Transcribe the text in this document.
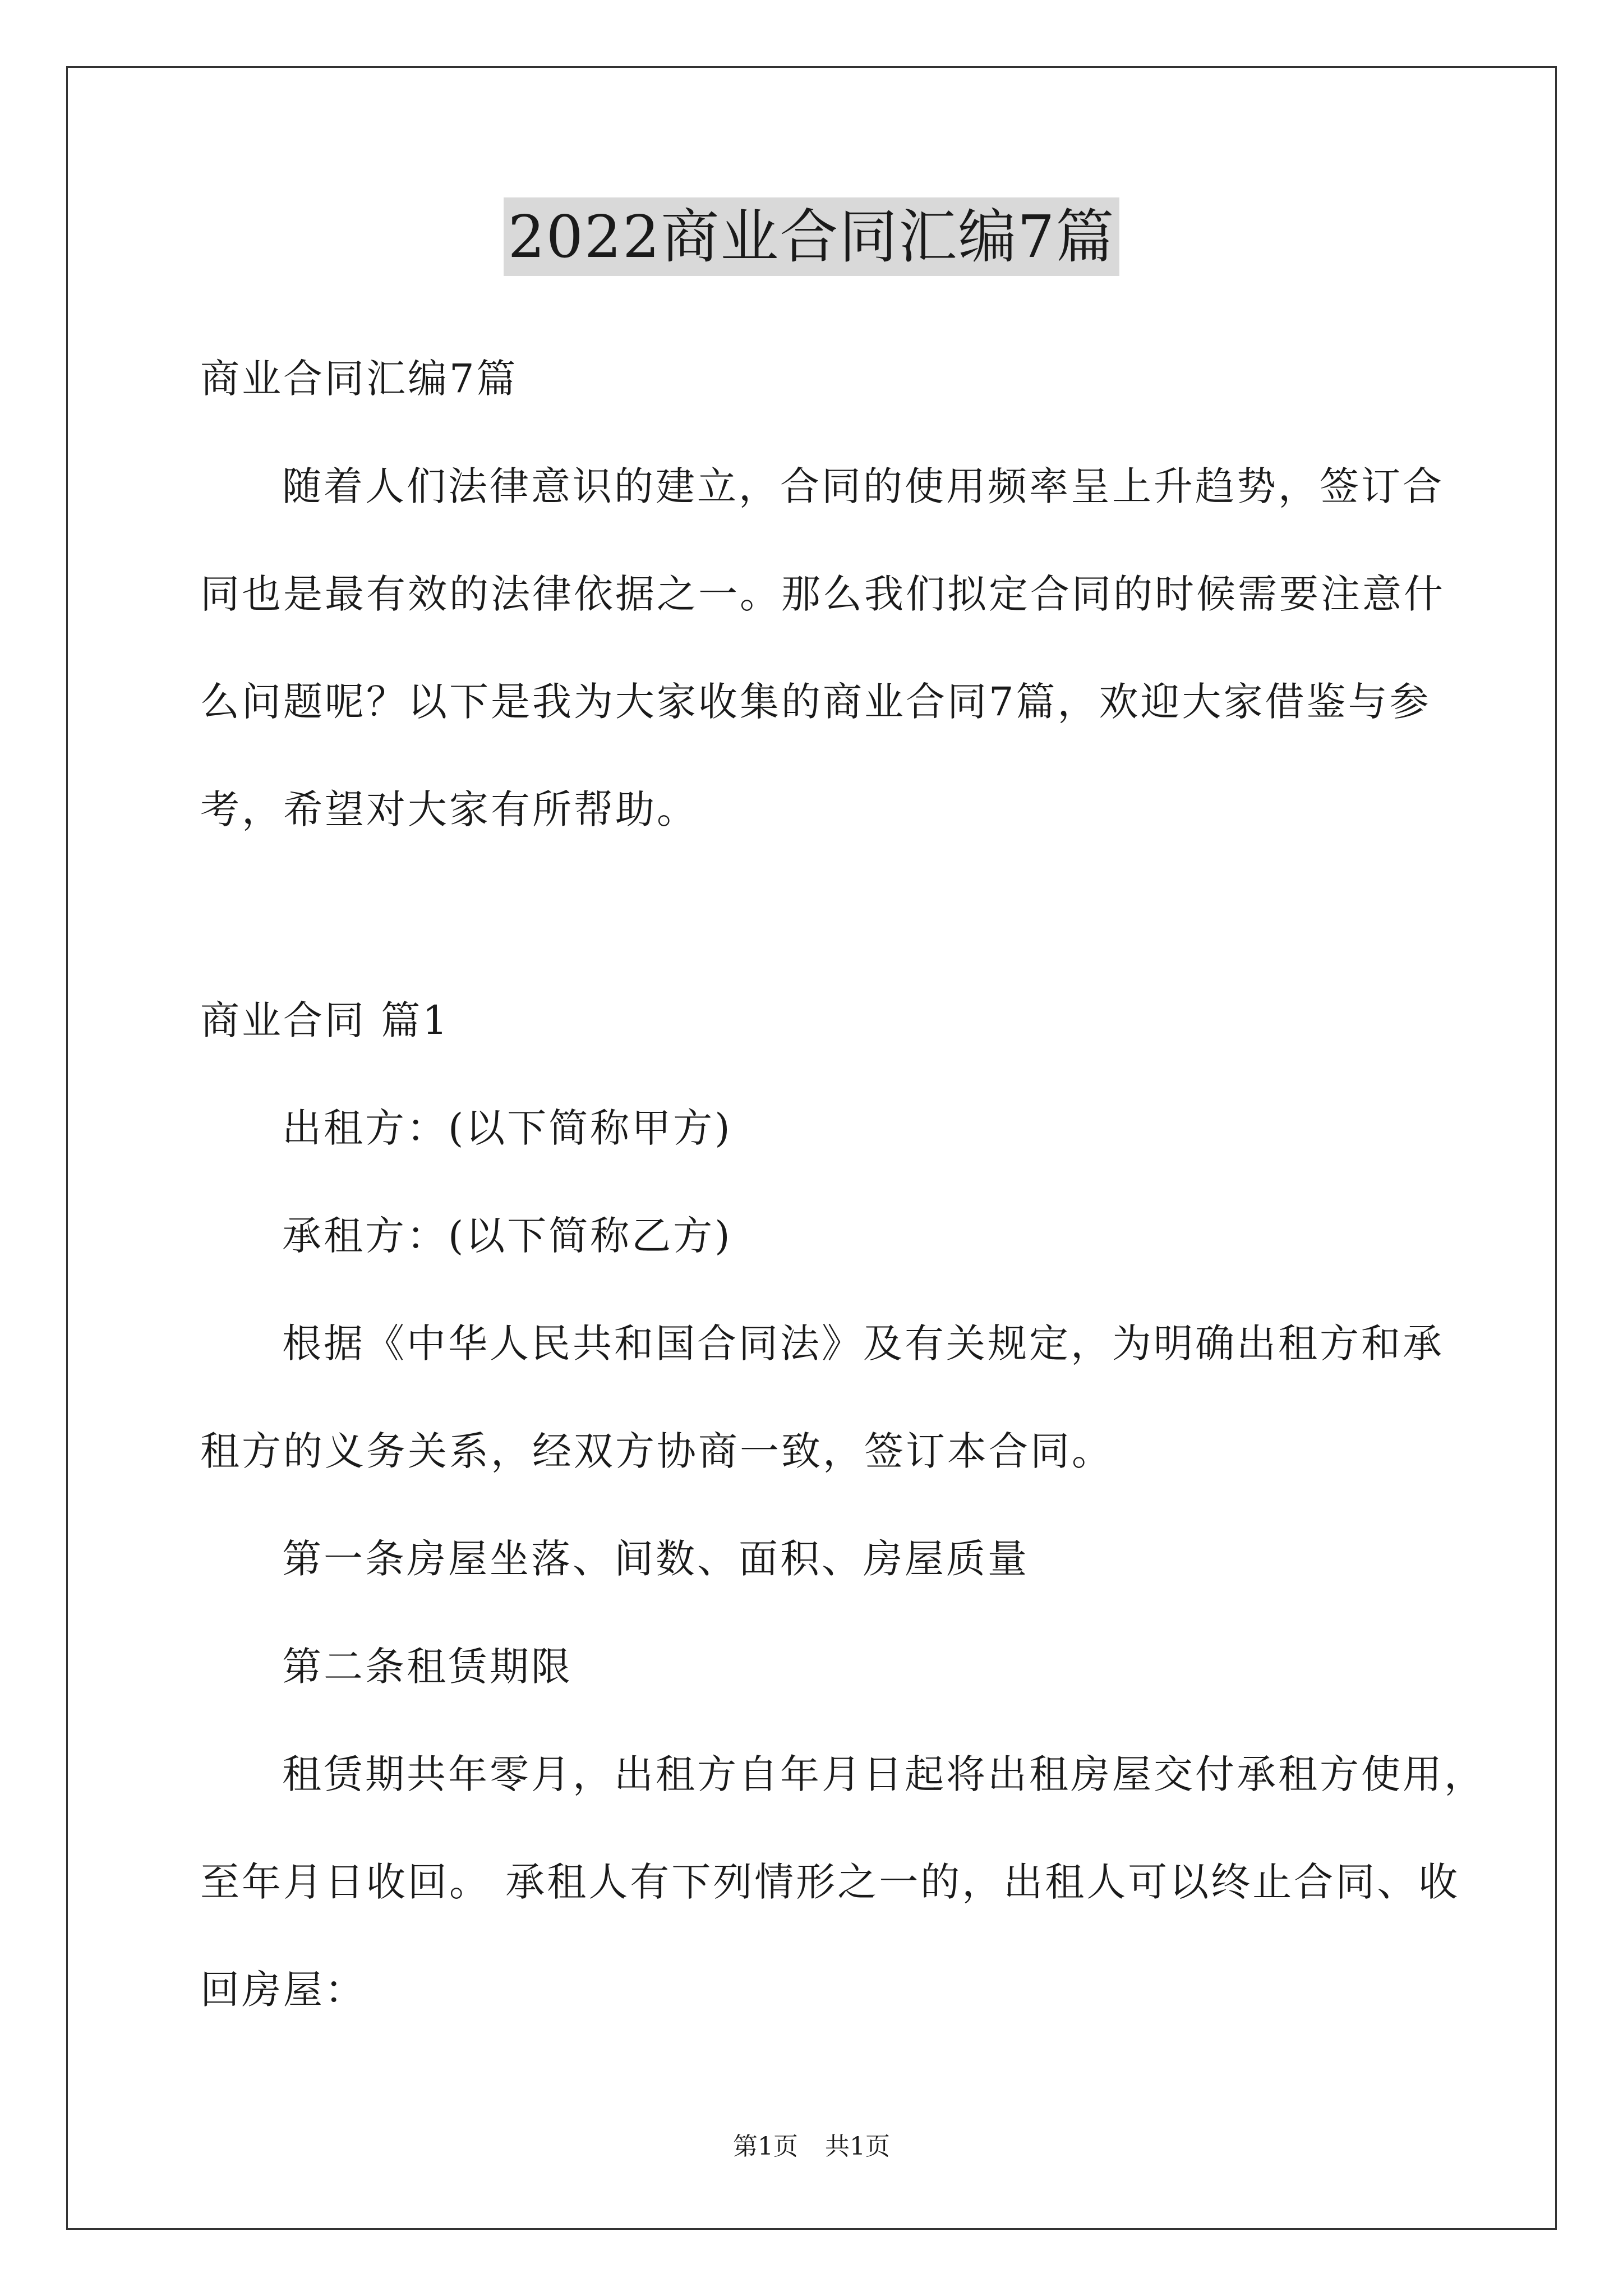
2022商业合同汇编7篇

商业合同汇编7篇

随着人们法律意识的建立，合同的使用频率呈上升趋势，签订合

同也是最有效的法律依据之一。那么我们拟定合同的时候需要注意什

么问题呢？以下是我为大家收集的商业合同7篇，欢迎大家借鉴与参

考，希望对大家有所帮助。

商业合同 篇1

出租方：(以下简称甲方)

承租方：(以下简称乙方)

根据《中华人民共和国合同法》及有关规定，为明确出租方和承

租方的义务关系，经双方协商一致，签订本合同。

第一条房屋坐落、间数、面积、房屋质量

第二条租赁期限

租赁期共年零月，出租方自年月日起将出租房屋交付承租方使用，

至年月日收回。 承租人有下列情形之一的，出租人可以终止合同、收

回房屋：

第1页 共1页
